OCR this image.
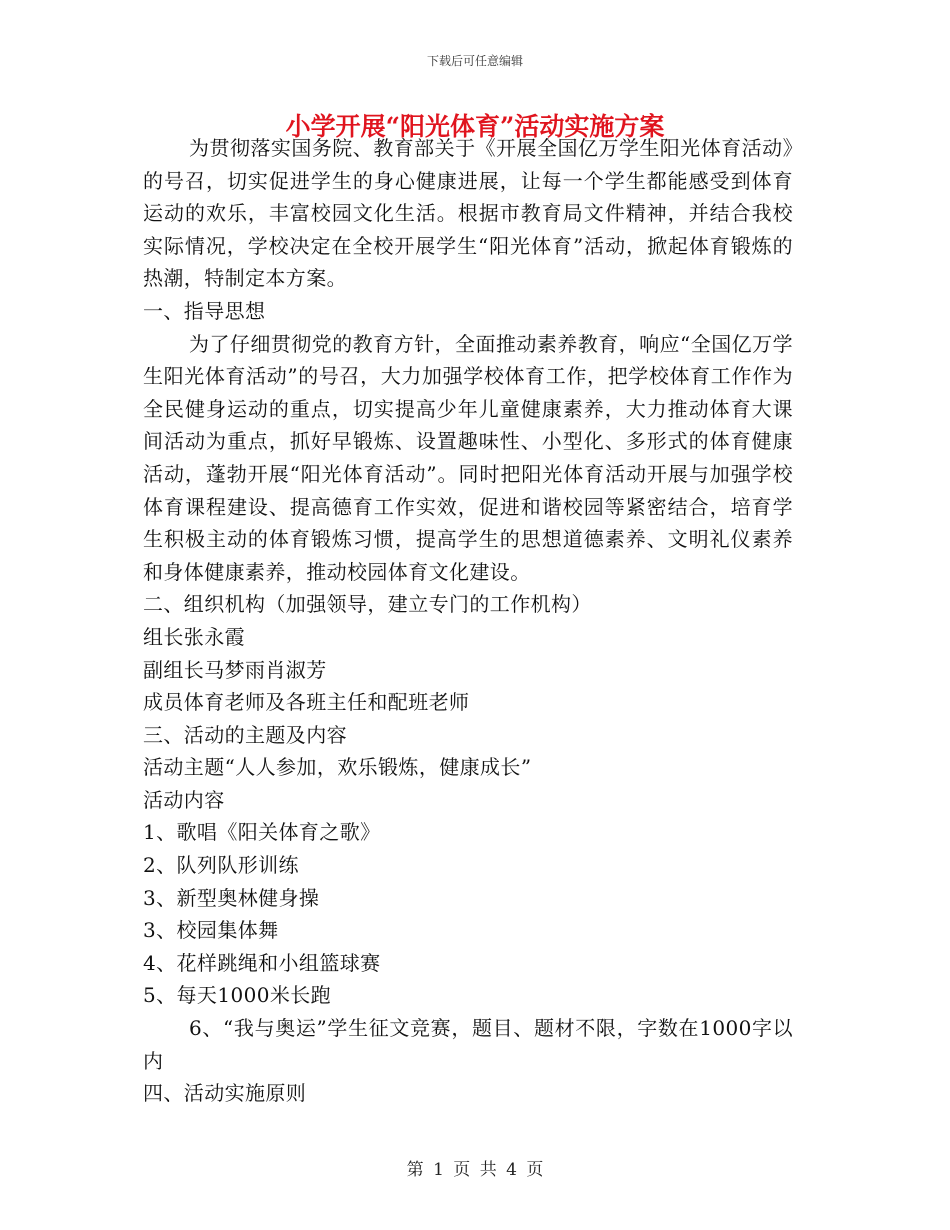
下载后可任意编辑
小学开展“阳光体育”活动实施方案

为贯彻落实国务院、教育部关于《开展全国亿万学生阳光体育活动》的号召，切实促进学生的身心健康进展，让每一个学生都能感受到体育运动的欢乐，丰富校园文化生活。根据市教育局文件精神，并结合我校实际情况，学校决定在全校开展学生“阳光体育”活动，掀起体育锻炼的热潮，特制定本方案。

一、指导思想

为了仔细贯彻党的教育方针，全面推动素养教育，响应“全国亿万学生阳光体育活动”的号召，大力加强学校体育工作，把学校体育工作作为全民健身运动的重点，切实提高少年儿童健康素养，大力推动体育大课间活动为重点，抓好早锻炼、设置趣味性、小型化、多形式的体育健康活动，蓬勃开展“阳光体育活动”。同时把阳光体育活动开展与加强学校体育课程建设、提高德育工作实效，促进和谐校园等紧密结合，培育学生积极主动的体育锻炼习惯，提高学生的思想道德素养、文明礼仪素养和身体健康素养，推动校园体育文化建设。

二、组织机构（加强领导，建立专门的工作机构）

组长张永霞

副组长马梦雨肖淑芳

成员体育老师及各班主任和配班老师

三、活动的主题及内容

活动主题“人人参加，欢乐锻炼，健康成长”

活动内容

1、歌唱《阳关体育之歌》

2、队列队形训练

3、新型奥林健身操

3、校园集体舞

4、花样跳绳和小组篮球赛

5、每天1000米长跑

6、“我与奥运”学生征文竞赛，题目、题材不限，字数在1000字以内

四、活动实施原则

第 1 页 共 4 页
